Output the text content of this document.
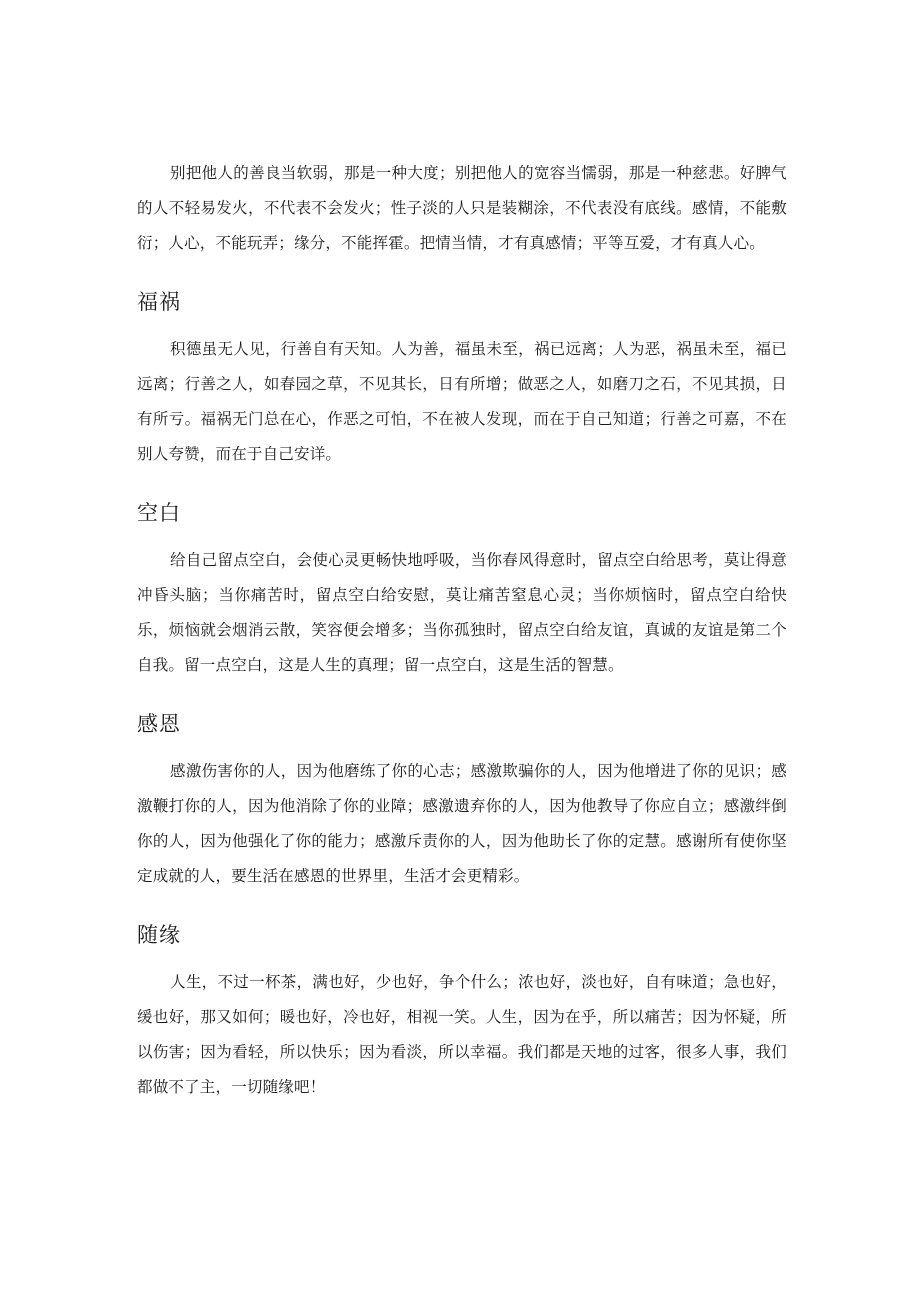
别把他人的善良当软弱，那是一种大度；别把他人的宽容当懦弱，那是一种慈悲。好脾气的人不轻易发火，不代表不会发火；性子淡的人只是装糊涂，不代表没有底线。感情，不能敷衍；人心，不能玩弄；缘分，不能挥霍。把情当情，才有真感情；平等互爱，才有真人心。

福祸

积德虽无人见，行善自有天知。人为善，福虽未至，祸已远离；人为恶，祸虽未至，福已远离；行善之人，如春园之草，不见其长，日有所增；做恶之人，如磨刀之石，不见其损，日有所亏。福祸无门总在心，作恶之可怕，不在被人发现，而在于自己知道；行善之可嘉，不在别人夸赞，而在于自己安详。

空白

给自己留点空白，会使心灵更畅快地呼吸，当你春风得意时，留点空白给思考，莫让得意冲昏头脑；当你痛苦时，留点空白给安慰，莫让痛苦窒息心灵；当你烦恼时，留点空白给快乐，烦恼就会烟消云散，笑容便会增多；当你孤独时，留点空白给友谊，真诚的友谊是第二个自我。留一点空白，这是人生的真理；留一点空白，这是生活的智慧。

感恩

感激伤害你的人，因为他磨练了你的心志；感激欺骗你的人，因为他增进了你的见识；感激鞭打你的人，因为他消除了你的业障；感激遗弃你的人，因为他教导了你应自立；感激绊倒你的人，因为他强化了你的能力；感激斥责你的人，因为他助长了你的定慧。感谢所有使你坚定成就的人，要生活在感恩的世界里，生活才会更精彩。

随缘

人生，不过一杯茶，满也好，少也好，争个什么；浓也好，淡也好，自有味道；急也好，缓也好，那又如何；暖也好，冷也好，相视一笑。人生，因为在乎，所以痛苦；因为怀疑，所以伤害；因为看轻，所以快乐；因为看淡，所以幸福。我们都是天地的过客，很多人事，我们都做不了主，一切随缘吧！
